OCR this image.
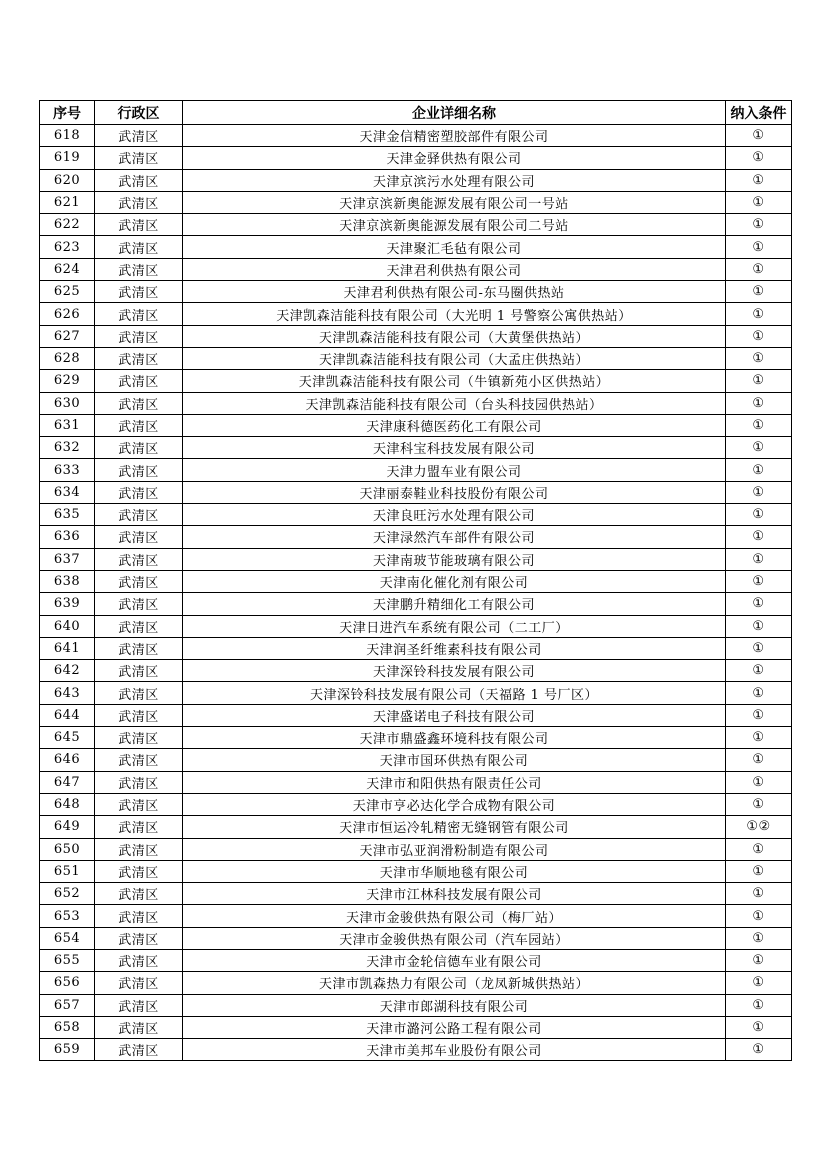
序号	行政区	企业详细名称	纳入条件
618	武清区	天津金信精密塑胶部件有限公司	①
619	武清区	天津金驿供热有限公司	①
620	武清区	天津京滨污水处理有限公司	①
621	武清区	天津京滨新奥能源发展有限公司一号站	①
622	武清区	天津京滨新奥能源发展有限公司二号站	①
623	武清区	天津聚汇毛毡有限公司	①
624	武清区	天津君利供热有限公司	①
625	武清区	天津君利供热有限公司-东马圈供热站	①
626	武清区	天津凯森洁能科技有限公司（大光明 1 号警察公寓供热站）	①
627	武清区	天津凯森洁能科技有限公司（大黄堡供热站）	①
628	武清区	天津凯森洁能科技有限公司（大孟庄供热站）	①
629	武清区	天津凯森洁能科技有限公司（牛镇新苑小区供热站）	①
630	武清区	天津凯森洁能科技有限公司（台头科技园供热站）	①
631	武清区	天津康科德医药化工有限公司	①
632	武清区	天津科宝科技发展有限公司	①
633	武清区	天津力盟车业有限公司	①
634	武清区	天津丽泰鞋业科技股份有限公司	①
635	武清区	天津良旺污水处理有限公司	①
636	武清区	天津渌然汽车部件有限公司	①
637	武清区	天津南玻节能玻璃有限公司	①
638	武清区	天津南化催化剂有限公司	①
639	武清区	天津鹏升精细化工有限公司	①
640	武清区	天津日进汽车系统有限公司（二工厂）	①
641	武清区	天津润圣纤维素科技有限公司	①
642	武清区	天津深铃科技发展有限公司	①
643	武清区	天津深铃科技发展有限公司（天福路 1 号厂区）	①
644	武清区	天津盛诺电子科技有限公司	①
645	武清区	天津市鼎盛鑫环境科技有限公司	①
646	武清区	天津市国环供热有限公司	①
647	武清区	天津市和阳供热有限责任公司	①
648	武清区	天津市亨必达化学合成物有限公司	①
649	武清区	天津市恒运冷轧精密无缝钢管有限公司	①②
650	武清区	天津市弘亚润滑粉制造有限公司	①
651	武清区	天津市华顺地毯有限公司	①
652	武清区	天津市江林科技发展有限公司	①
653	武清区	天津市金骏供热有限公司（梅厂站）	①
654	武清区	天津市金骏供热有限公司（汽车园站）	①
655	武清区	天津市金轮信德车业有限公司	①
656	武清区	天津市凯森热力有限公司（龙凤新城供热站）	①
657	武清区	天津市郎湖科技有限公司	①
658	武清区	天津市潞河公路工程有限公司	①
659	武清区	天津市美邦车业股份有限公司	①
